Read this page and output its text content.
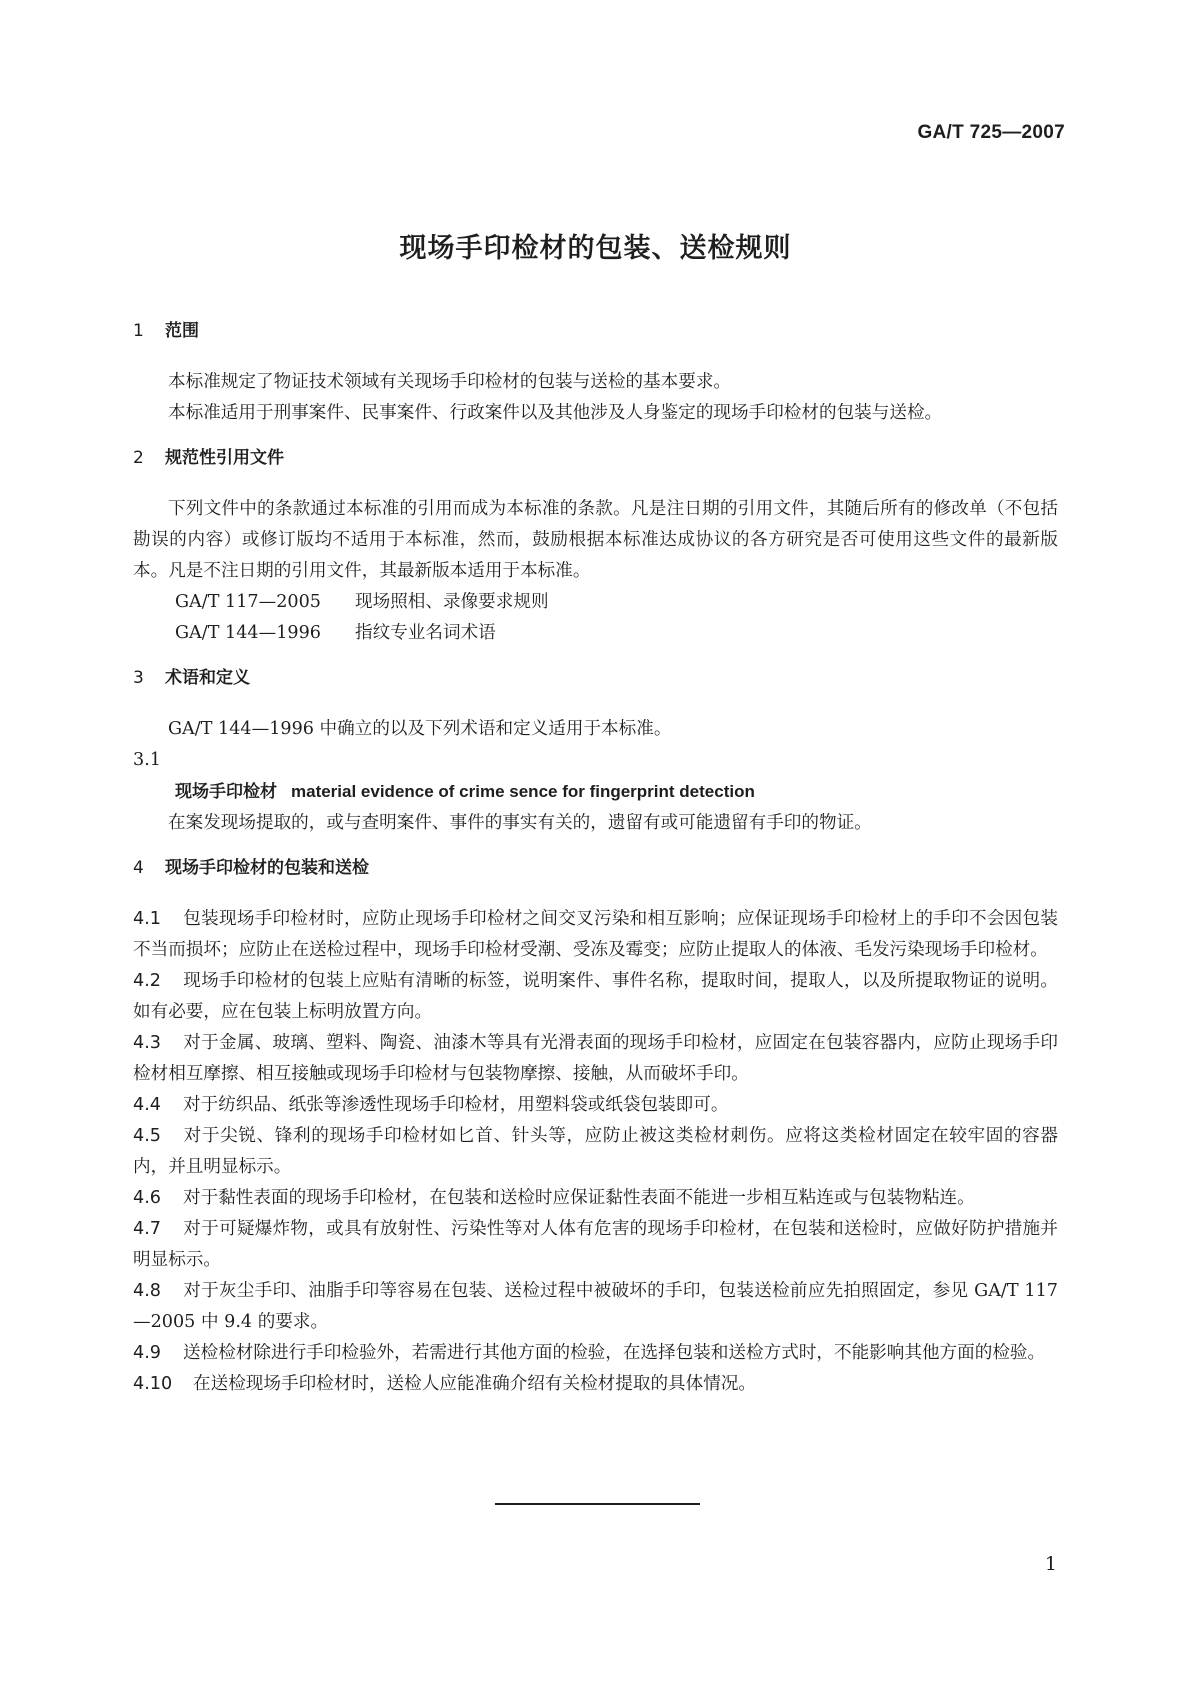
GA/T 725—2007
现场手印检材的包装、送检规则

1 范围

本标准规定了物证技术领域有关现场手印检材的包装与送检的基本要求。

本标准适用于刑事案件、民事案件、行政案件以及其他涉及人身鉴定的现场手印检材的包装与送检。

2 规范性引用文件

下列文件中的条款通过本标准的引用而成为本标准的条款。凡是注日期的引用文件，其随后所有的修改单（不包括勘误的内容）或修订版均不适用于本标准，然而，鼓励根据本标准达成协议的各方研究是否可使用这些文件的最新版本。凡是不注日期的引用文件，其最新版本适用于本标准。

GA/T 117—2005 现场照相、录像要求规则

GA/T 144—1996 指纹专业名词术语

3 术语和定义

GA/T 144—1996 中确立的以及下列术语和定义适用于本标准。

3.1

现场手印检材 material evidence of crime sence for fingerprint detection

在案发现场提取的，或与查明案件、事件的事实有关的，遗留有或可能遗留有手印的物证。

4 现场手印检材的包装和送检

4.1 包装现场手印检材时，应防止现场手印检材之间交叉污染和相互影响；应保证现场手印检材上的手印不会因包装不当而损坏；应防止在送检过程中，现场手印检材受潮、受冻及霉变；应防止提取人的体液、毛发污染现场手印检材。

4.2 现场手印检材的包装上应贴有清晰的标签，说明案件、事件名称，提取时间，提取人，以及所提取物证的说明。如有必要，应在包装上标明放置方向。

4.3 对于金属、玻璃、塑料、陶瓷、油漆木等具有光滑表面的现场手印检材，应固定在包装容器内，应防止现场手印检材相互摩擦、相互接触或现场手印检材与包装物摩擦、接触，从而破坏手印。

4.4 对于纺织品、纸张等渗透性现场手印检材，用塑料袋或纸袋包装即可。

4.5 对于尖锐、锋利的现场手印检材如匕首、针头等，应防止被这类检材刺伤。应将这类检材固定在较牢固的容器内，并且明显标示。

4.6 对于黏性表面的现场手印检材，在包装和送检时应保证黏性表面不能进一步相互粘连或与包装物粘连。

4.7 对于可疑爆炸物，或具有放射性、污染性等对人体有危害的现场手印检材，在包装和送检时，应做好防护措施并明显标示。

4.8 对于灰尘手印、油脂手印等容易在包装、送检过程中被破坏的手印，包装送检前应先拍照固定，参见 GA/T 117—2005 中 9.4 的要求。

4.9 送检检材除进行手印检验外，若需进行其他方面的检验，在选择包装和送检方式时，不能影响其他方面的检验。

4.10 在送检现场手印检材时，送检人应能准确介绍有关检材提取的具体情况。

1
